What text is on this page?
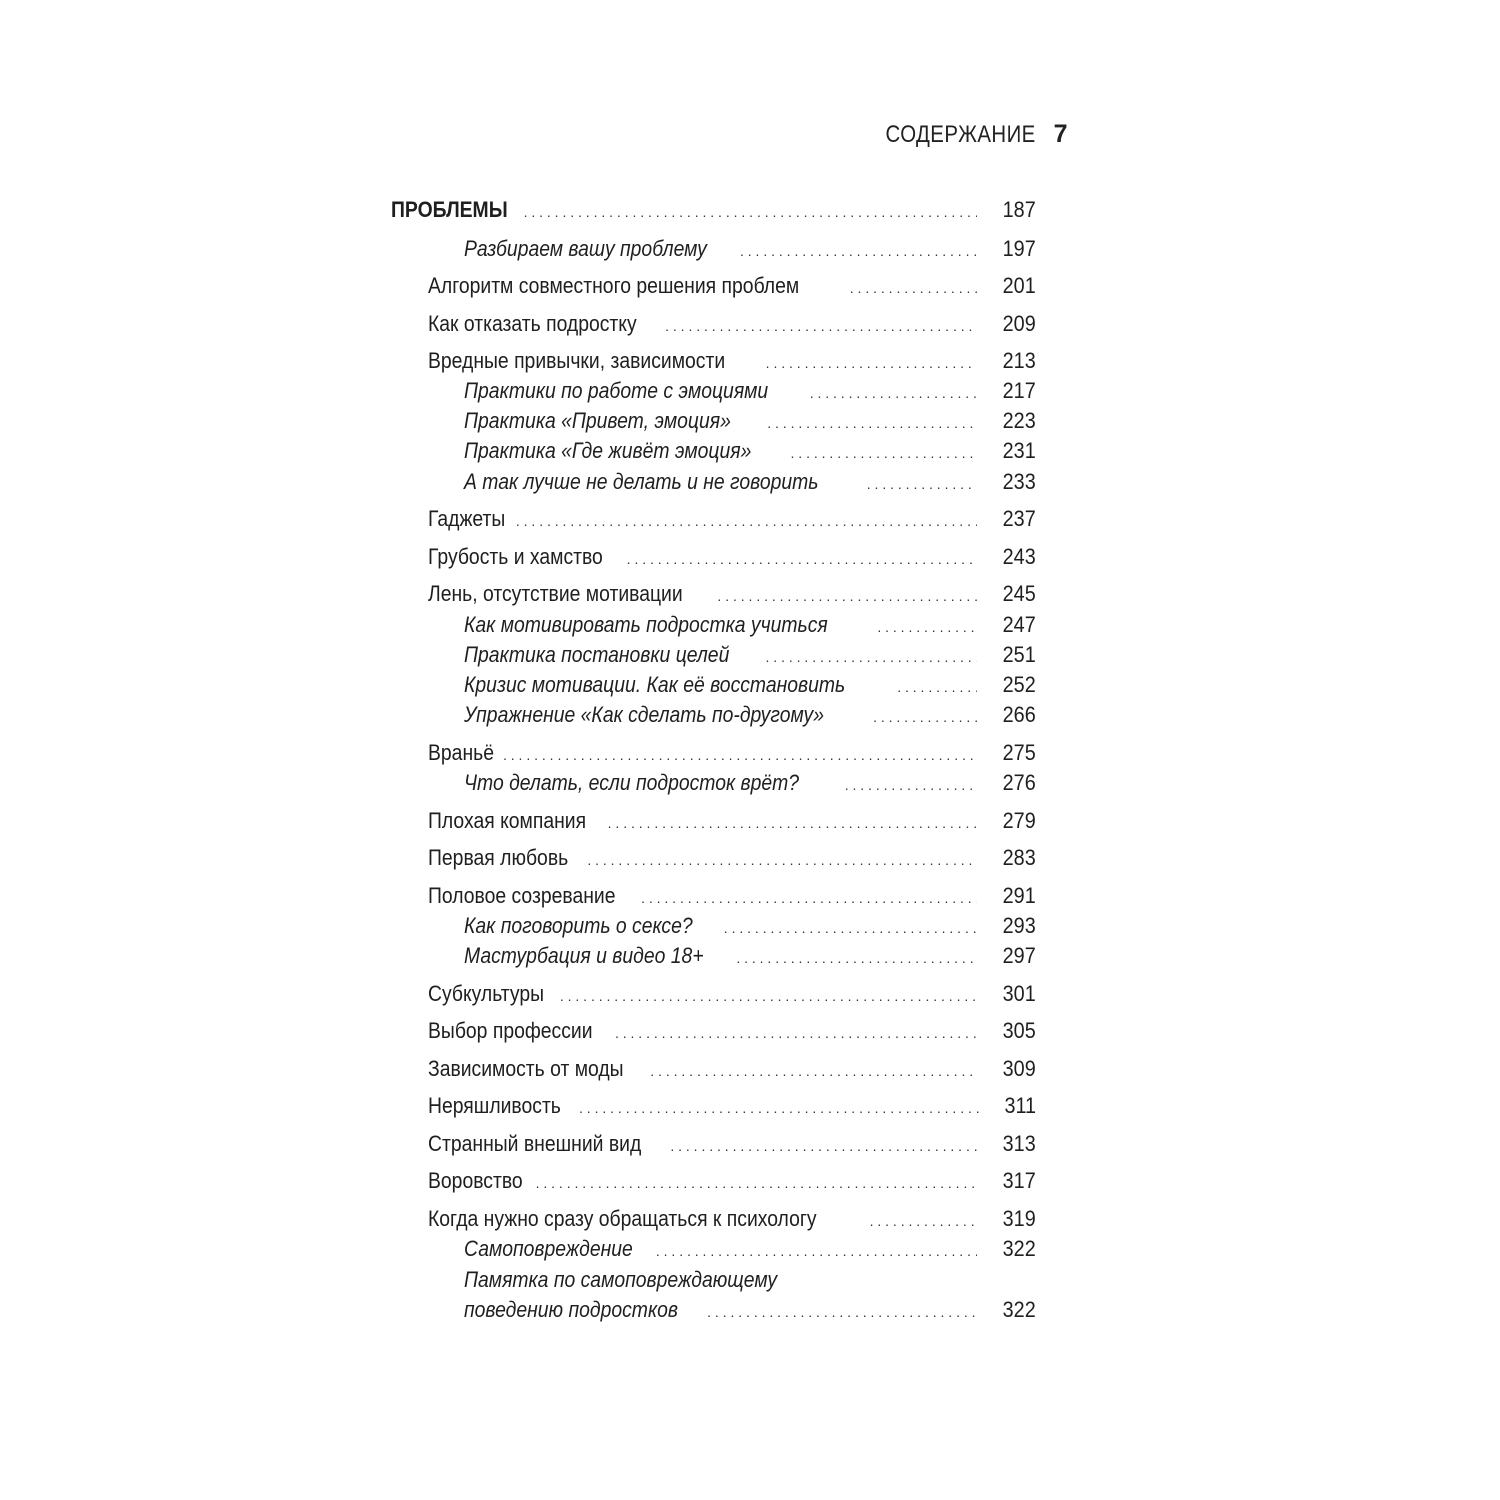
СОДЕРЖАНИЕ 7
ПРОБЛЕМЫ . . .	187
Разбираем вашу проблему . . .	197
Алгоритм совместного решения проблем . . .	201
Как отказать подростку . . .	209
Вредные привычки, зависимости . . .	213
Практики по работе с эмоциями . . .	217
Практика «Привет, эмоция» . . .	223
Практика «Где живёт эмоция» . . .	231
А так лучше не делать и не говорить . . .	233
Гаджеты . . .	237
Грубость и хамство . . .	243
Лень, отсутствие мотивации . . .	245
Как мотивировать подростка учиться . . .	247
Практика постановки целей . . .	251
Кризис мотивации. Как её восстановить . . .	252
Упражнение «Как сделать по-другому» . . .	266
Враньё . . .	275
Что делать, если подросток врёт? . . .	276
Плохая компания . . .	279
Первая любовь . . .	283
Половое созревание . . .	291
Как поговорить о сексе? . . .	293
Мастурбация и видео 18+ . . .	297
Субкультуры . . .	301
Выбор профессии . . .	305
Зависимость от моды . . .	309
Неряшливость . . .	311
Странный внешний вид . . .	313
Воровство . . .	317
Когда нужно сразу обращаться к психологу . . .	319
Самоповреждение . . .	322
Памятка по самоповреждающему
поведению подростков . . .	322
